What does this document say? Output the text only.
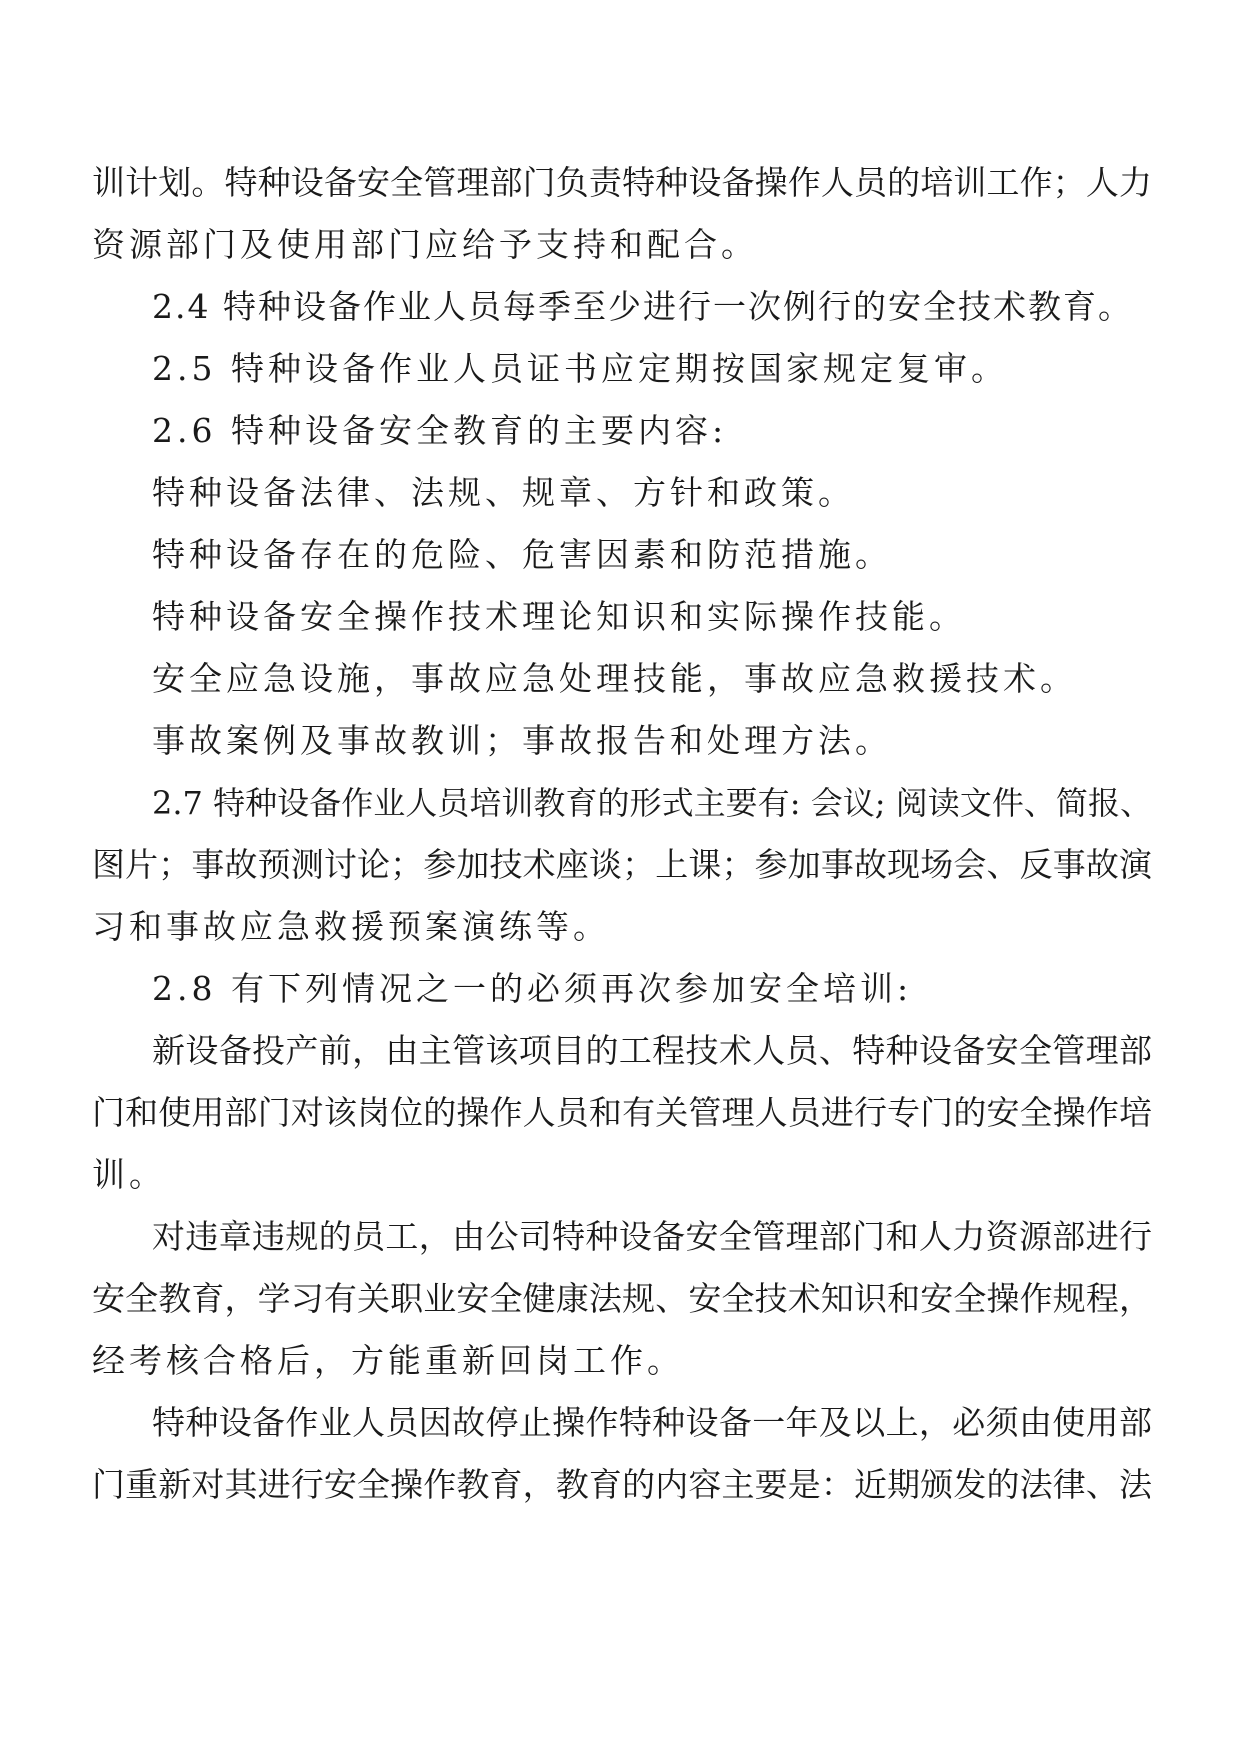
训计划。特种设备安全管理部门负责特种设备操作人员的培训工作；人力
资源部门及使用部门应给予支持和配合。
2.4 特种设备作业人员每季至少进行一次例行的安全技术教育。
2.5 特种设备作业人员证书应定期按国家规定复审。
2.6 特种设备安全教育的主要内容:
特种设备法律、法规、规章、方针和政策。
特种设备存在的危险、危害因素和防范措施。
特种设备安全操作技术理论知识和实际操作技能。
安全应急设施，事故应急处理技能，事故应急救援技术。
事故案例及事故教训；事故报告和处理方法。
2.7 特种设备作业人员培训教育的形式主要有: 会议; 阅读文件、简报、
图片；事故预测讨论；参加技术座谈；上课；参加事故现场会、反事故演
习和事故应急救援预案演练等。
2.8 有下列情况之一的必须再次参加安全培训:
新设备投产前，由主管该项目的工程技术人员、特种设备安全管理部
门和使用部门对该岗位的操作人员和有关管理人员进行专门的安全操作培
训。
对违章违规的员工，由公司特种设备安全管理部门和人力资源部进行
安全教育，学习有关职业安全健康法规、安全技术知识和安全操作规程，
经考核合格后，方能重新回岗工作。
特种设备作业人员因故停止操作特种设备一年及以上，必须由使用部
门重新对其进行安全操作教育，教育的内容主要是：近期颁发的法律、法
